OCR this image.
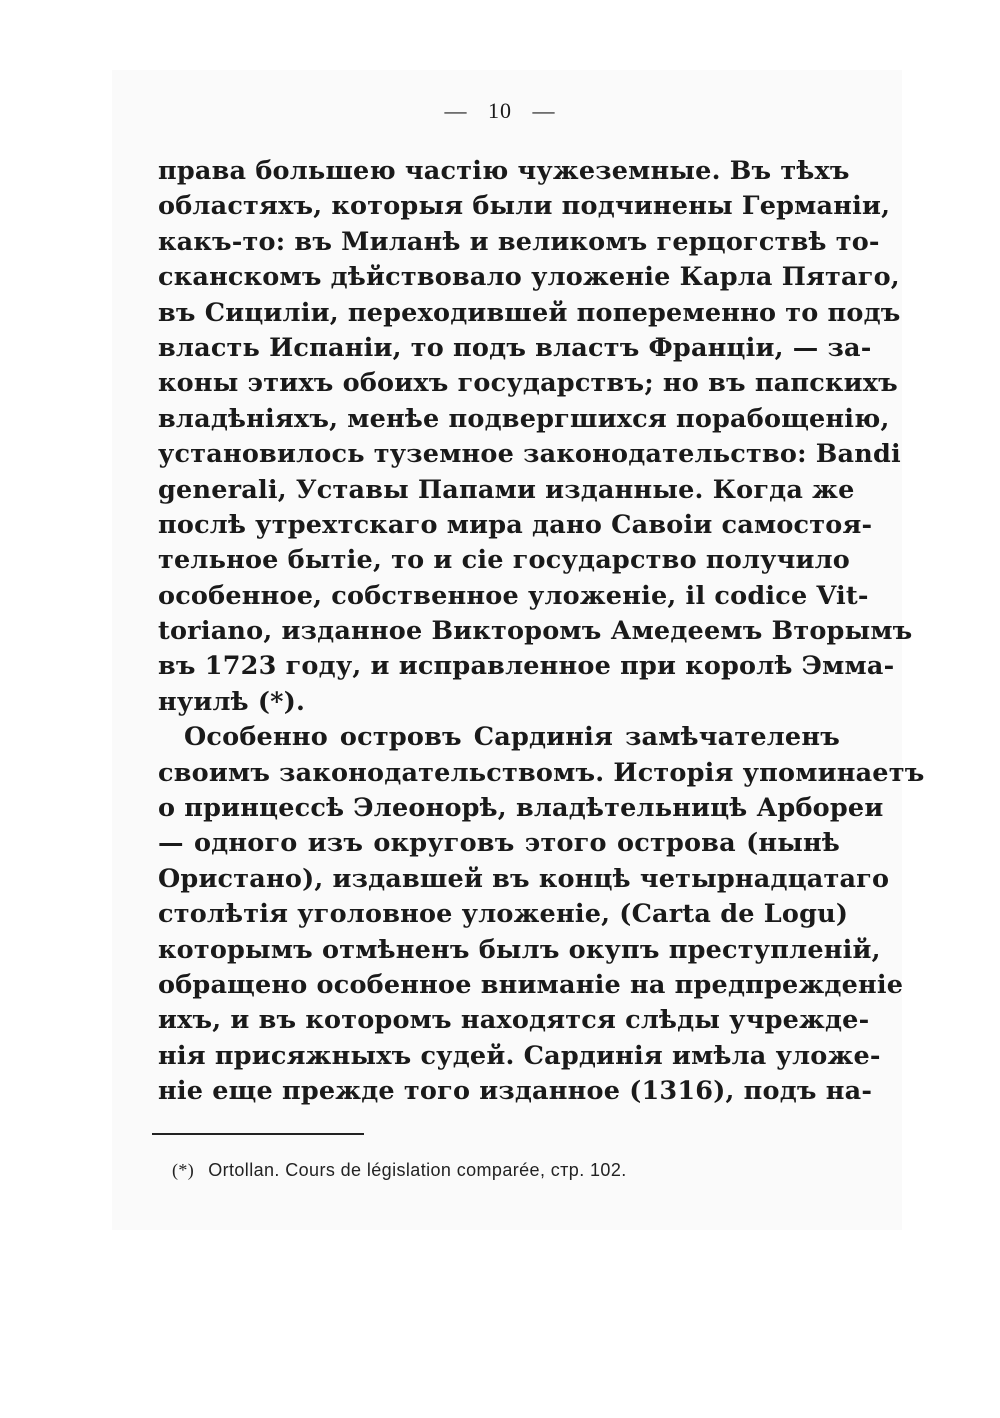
— 10 —
права большею частію чужеземные. Въ тѣхъ
областяхъ, которыя были подчинены Германіи,
какъ-то: въ Миланѣ и великомъ герцогствѣ то-
сканскомъ дѣйствовало уложеніе Карла Пятаго,
въ Сициліи, переходившей попеременно то подъ
власть Испаніи, то подъ властъ Франціи, — за-
коны этихъ обоихъ государствъ; но въ папскихъ
владѣніяхъ, менѣе подвергшихся порабощенію,
установилось туземное законодательство: Bandi
generali, Уставы Папами изданные. Когда же
послѣ утрехтскаго мира дано Савоіи самостоя-
тельное бытіе, то и сіе государство получило
особенное, собственное уложеніе, il codice Vit-
toriano, изданное Викторомъ Амедеемъ Вторымъ
въ 1723 году, и исправленное при королѣ Эмма-
нуилѣ (*).
Особенно островъ Сардинія замѣчателенъ
своимъ законодательствомъ. Исторія упоминаетъ
о принцессѣ Элеонорѣ, владѣтельницѣ Арбореи
— одного изъ округовъ этого острова (нынѣ
Ористано), издавшей въ концѣ четырнадцатаго
столѣтія уголовное уложеніе, (Carta de Logu)
которымъ отмѣненъ былъ окупъ преступленій,
обращено особенное вниманіе на предпрежденіе
ихъ, и въ которомъ находятся слѣды учрежде-
нія присяжныхъ судей. Сардинія имѣла уложе-
ніе еще прежде того изданное (1316), подъ на-
(*) Ortollan. Cours de législation comparée, стр. 102.
